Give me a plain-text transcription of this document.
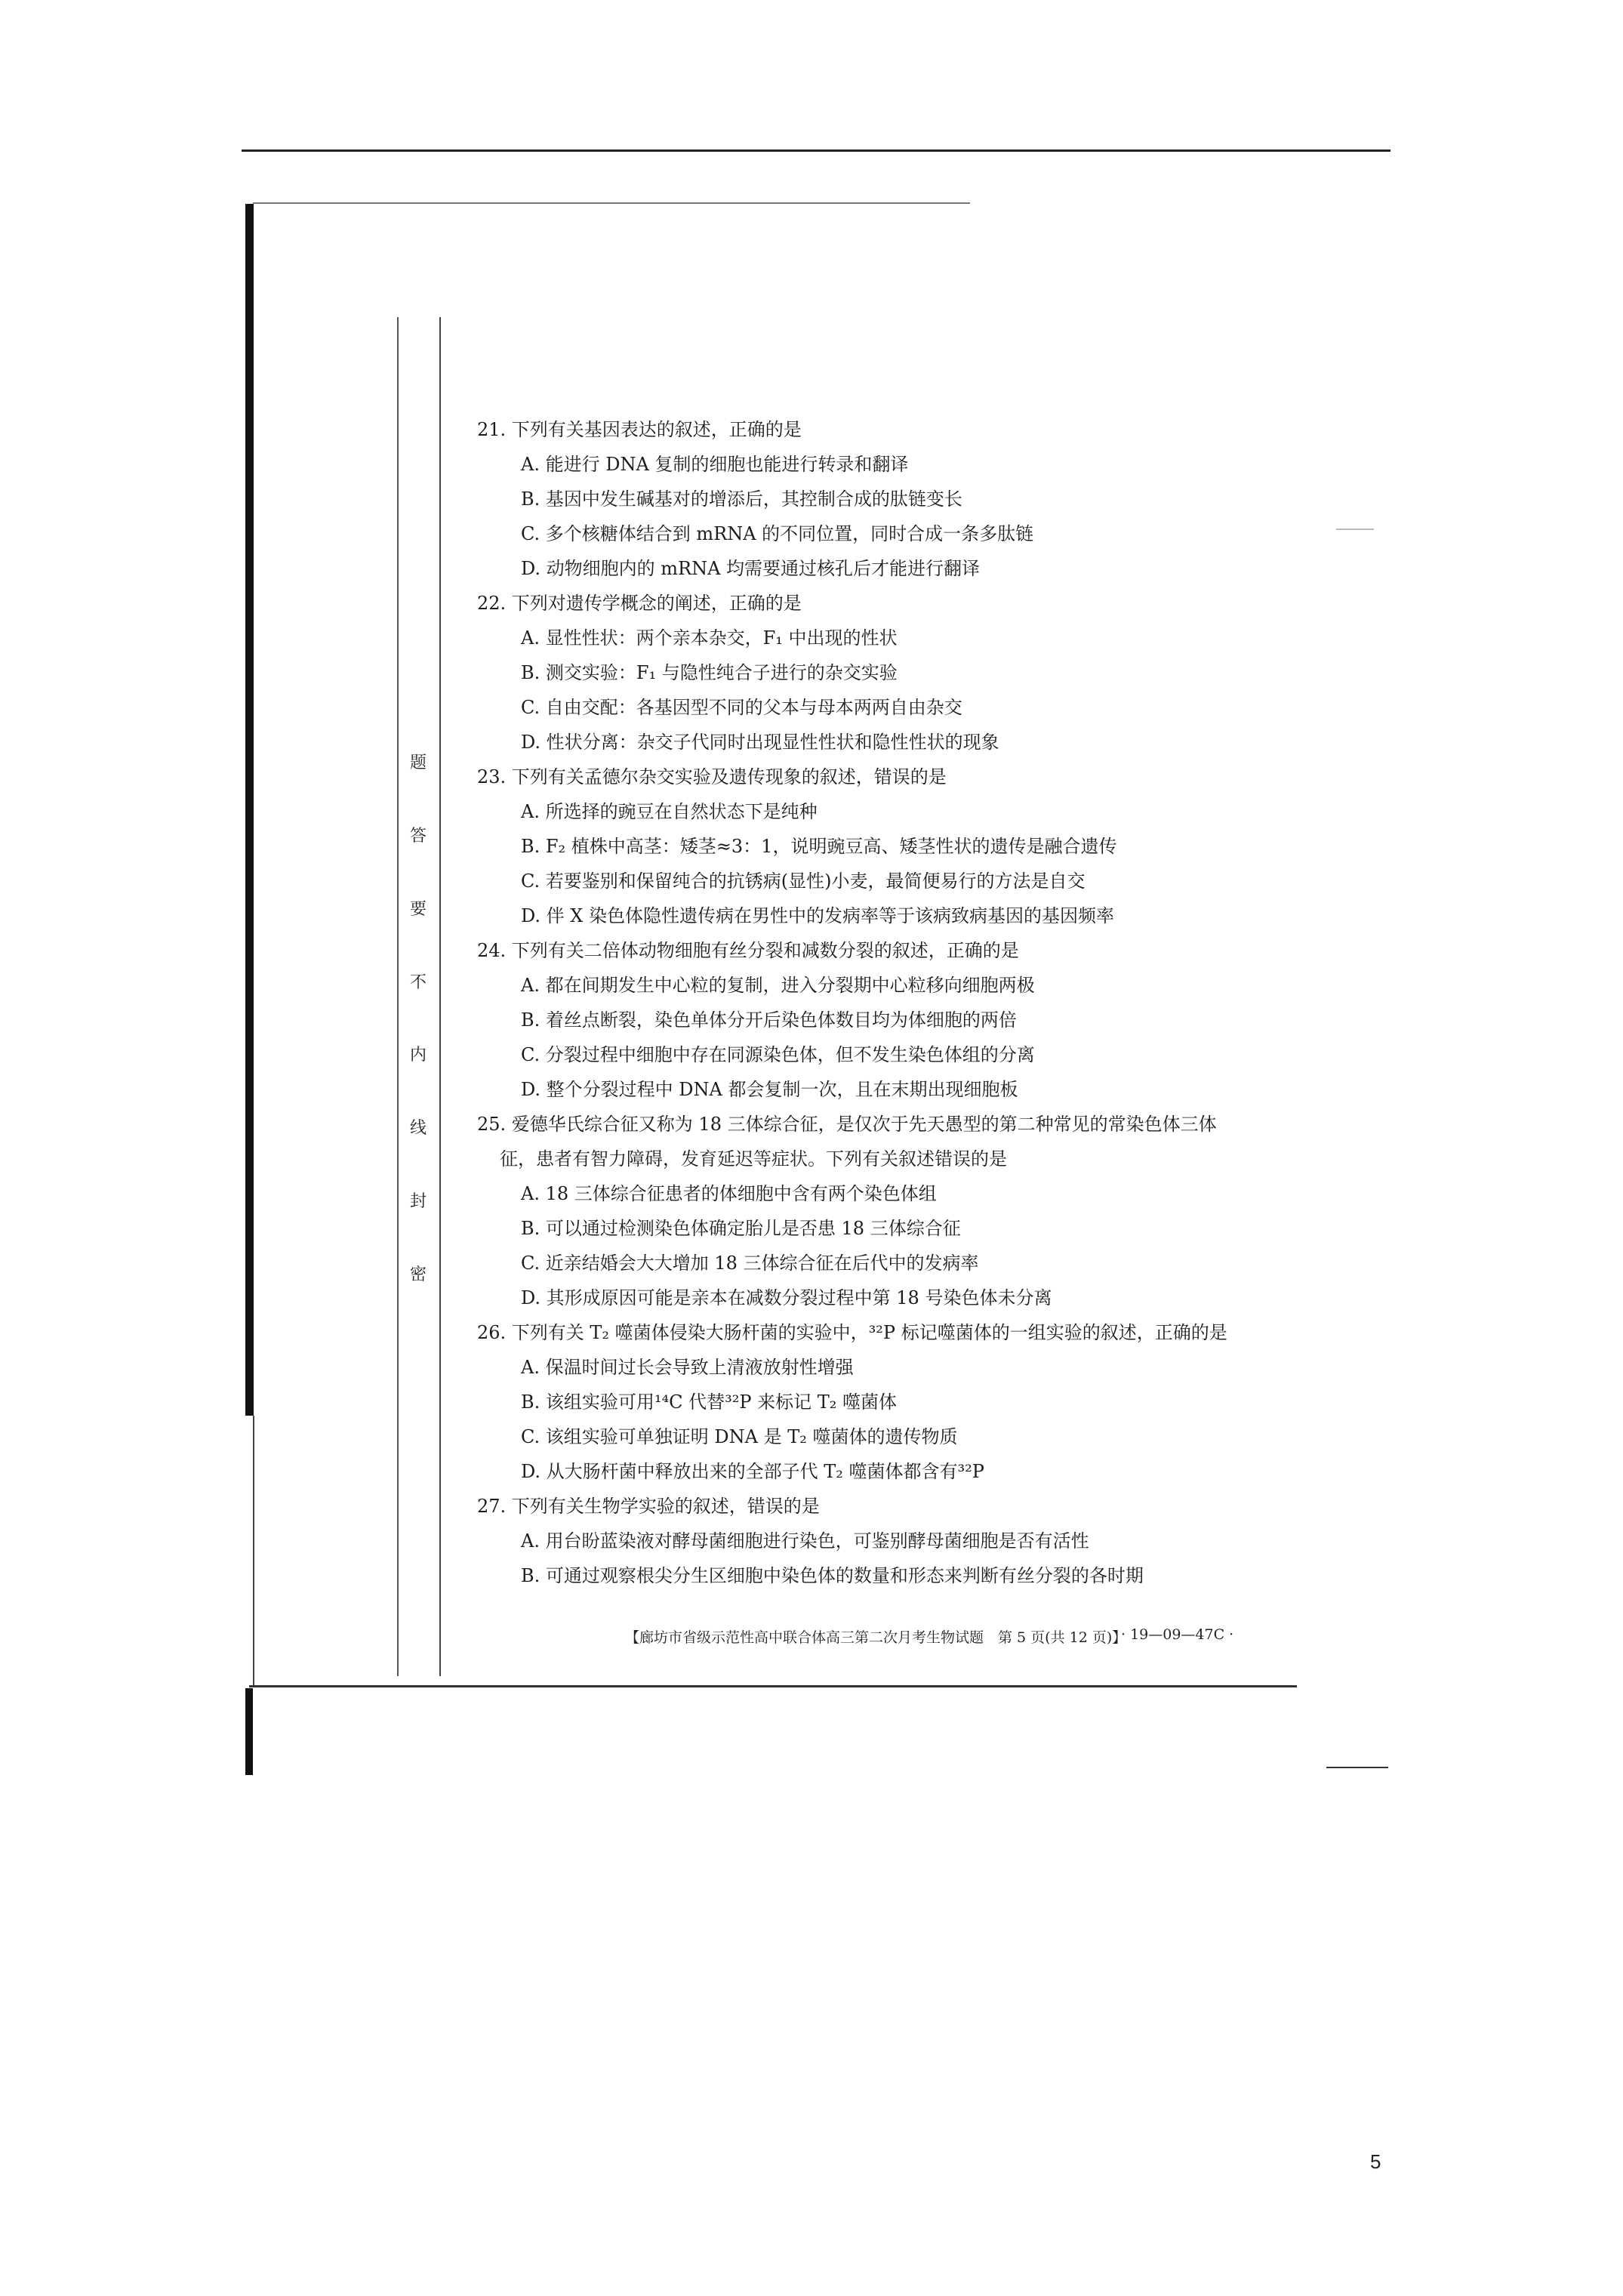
题
答
要
不
内
线
封
密

21. 下列有关基因表达的叙述，正确的是

A. 能进行 DNA 复制的细胞也能进行转录和翻译

B. 基因中发生碱基对的增添后，其控制合成的肽链变长

C. 多个核糖体结合到 mRNA 的不同位置，同时合成一条多肽链

D. 动物细胞内的 mRNA 均需要通过核孔后才能进行翻译

22. 下列对遗传学概念的阐述，正确的是

A. 显性性状：两个亲本杂交，F₁ 中出现的性状

B. 测交实验：F₁ 与隐性纯合子进行的杂交实验

C. 自由交配：各基因型不同的父本与母本两两自由杂交

D. 性状分离：杂交子代同时出现显性性状和隐性性状的现象

23. 下列有关孟德尔杂交实验及遗传现象的叙述，错误的是

A. 所选择的豌豆在自然状态下是纯种

B. F₂ 植株中高茎：矮茎≈3：1，说明豌豆高、矮茎性状的遗传是融合遗传

C. 若要鉴别和保留纯合的抗锈病(显性)小麦，最简便易行的方法是自交

D. 伴 X 染色体隐性遗传病在男性中的发病率等于该病致病基因的基因频率

24. 下列有关二倍体动物细胞有丝分裂和减数分裂的叙述，正确的是

A. 都在间期发生中心粒的复制，进入分裂期中心粒移向细胞两极

B. 着丝点断裂，染色单体分开后染色体数目均为体细胞的两倍

C. 分裂过程中细胞中存在同源染色体，但不发生染色体组的分离

D. 整个分裂过程中 DNA 都会复制一次，且在末期出现细胞板

25. 爱德华氏综合征又称为 18 三体综合征，是仅次于先天愚型的第二种常见的常染色体三体

征，患者有智力障碍，发育延迟等症状。下列有关叙述错误的是

A. 18 三体综合征患者的体细胞中含有两个染色体组

B. 可以通过检测染色体确定胎儿是否患 18 三体综合征

C. 近亲结婚会大大增加 18 三体综合征在后代中的发病率

D. 其形成原因可能是亲本在减数分裂过程中第 18 号染色体未分离

26. 下列有关 T₂ 噬菌体侵染大肠杆菌的实验中，³²P 标记噬菌体的一组实验的叙述，正确的是

A. 保温时间过长会导致上清液放射性增强

B. 该组实验可用¹⁴C 代替³²P 来标记 T₂ 噬菌体

C. 该组实验可单独证明 DNA 是 T₂ 噬菌体的遗传物质

D. 从大肠杆菌中释放出来的全部子代 T₂ 噬菌体都含有³²P

27. 下列有关生物学实验的叙述，错误的是

A. 用台盼蓝染液对酵母菌细胞进行染色，可鉴别酵母菌细胞是否有活性

B. 可通过观察根尖分生区细胞中染色体的数量和形态来判断有丝分裂的各时期

【廊坊市省级示范性高中联合体高三第二次月考生物试题　第 5 页(共 12 页)】
· 19—09—47C ·
5
